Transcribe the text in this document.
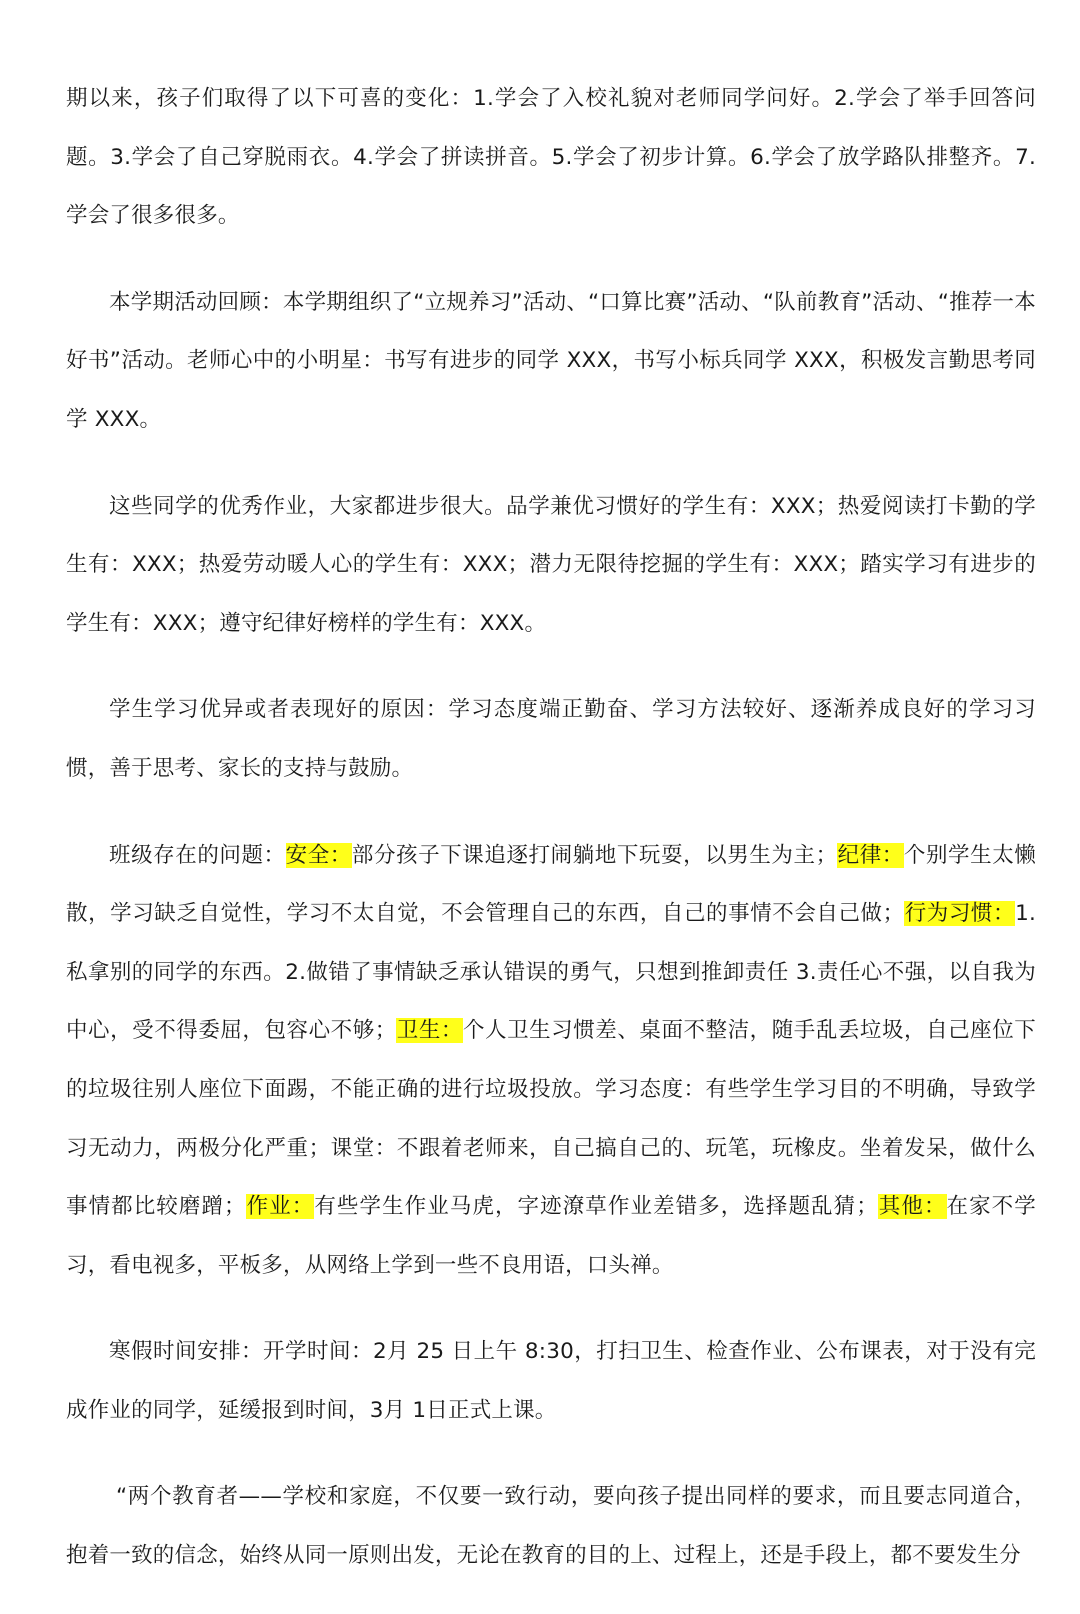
期以来，孩子们取得了以下可喜的变化：1.学会了入校礼貌对老师同学问好。2.学会了举手回答问题。3.学会了自己穿脱雨衣。4.学会了拼读拼音。5.学会了初步计算。6.学会了放学路队排整齐。7.学会了很多很多。

本学期活动回顾：本学期组织了“立规养习”活动、“口算比赛”活动、“队前教育”活动、“推荐一本好书”活动。老师心中的小明星：书写有进步的同学 XXX，书写小标兵同学 XXX，积极发言勤思考同学 XXX。

这些同学的优秀作业，大家都进步很大。品学兼优习惯好的学生有：XXX；热爱阅读打卡勤的学生有：XXX；热爱劳动暖人心的学生有：XXX；潜力无限待挖掘的学生有：XXX；踏实学习有进步的学生有：XXX；遵守纪律好榜样的学生有：XXX。

学生学习优异或者表现好的原因：学习态度端正勤奋、学习方法较好、逐渐养成良好的学习习惯，善于思考、家长的支持与鼓励。

班级存在的问题：安全：部分孩子下课追逐打闹躺地下玩耍，以男生为主；纪律：个别学生太懒散，学习缺乏自觉性，学习不太自觉，不会管理自己的东西，自己的事情不会自己做；行为习惯：1.私拿别的同学的东西。2.做错了事情缺乏承认错误的勇气，只想到推卸责任 3.责任心不强，以自我为中心，受不得委屈，包容心不够；卫生：个人卫生习惯差、桌面不整洁，随手乱丢垃圾，自己座位下的垃圾往别人座位下面踢，不能正确的进行垃圾投放。学习态度：有些学生学习目的不明确，导致学习无动力，两极分化严重；课堂：不跟着老师来，自己搞自己的、玩笔，玩橡皮。坐着发呆，做什么事情都比较磨蹭；作业：有些学生作业马虎，字迹潦草作业差错多，选择题乱猜；其他：在家不学习，看电视多，平板多，从网络上学到一些不良用语，口头禅。

寒假时间安排：开学时间：2月 25 日上午 8:30，打扫卫生、检查作业、公布课表，对于没有完成作业的同学，延缓报到时间，3月 1日正式上课。

“两个教育者——学校和家庭，不仅要一致行动，要向孩子提出同样的要求，而且要志同道合，抱着一致的信念，始终从同一原则出发，无论在教育的目的上、过程上，还是手段上，都不要发生分
